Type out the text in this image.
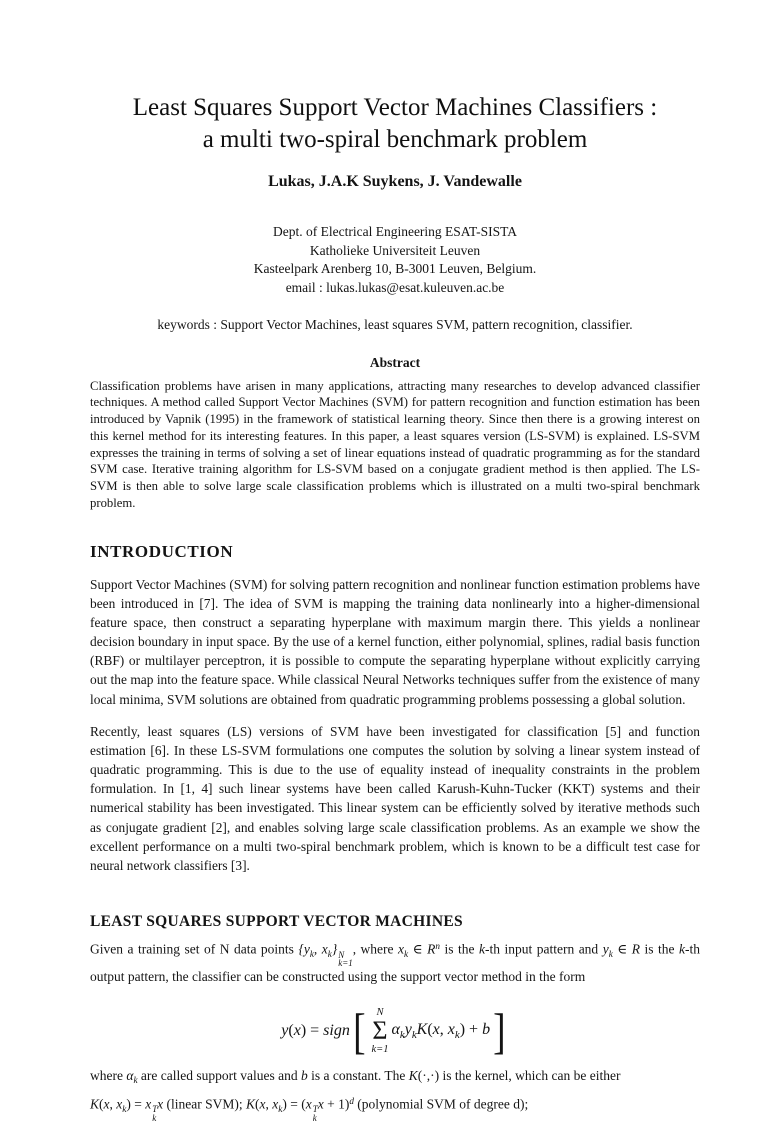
Least Squares Support Vector Machines Classifiers :
a multi two-spiral benchmark problem
Lukas, J.A.K Suykens, J. Vandewalle
Dept. of Electrical Engineering ESAT-SISTA
Katholieke Universiteit Leuven
Kasteelpark Arenberg 10, B-3001 Leuven, Belgium.
email : lukas.lukas@esat.kuleuven.ac.be
keywords : Support Vector Machines, least squares SVM, pattern recognition, classifier.
Abstract

Classification problems have arisen in many applications, attracting many researches to develop advanced classifier techniques. A method called Support Vector Machines (SVM) for pattern recognition and function estimation has been introduced by Vapnik (1995) in the framework of statistical learning theory. Since then there is a growing interest on this kernel method for its interesting features. In this paper, a least squares version (LS-SVM) is explained. LS-SVM expresses the training in terms of solving a set of linear equations instead of quadratic programming as for the standard SVM case. Iterative training algorithm for LS-SVM based on a conjugate gradient method is then applied. The LS-SVM is then able to solve large scale classification problems which is illustrated on a multi two-spiral benchmark problem.

INTRODUCTION

Support Vector Machines (SVM) for solving pattern recognition and nonlinear function estimation problems have been introduced in [7]. The idea of SVM is mapping the training data nonlinearly into a higher-dimensional feature space, then construct a separating hyperplane with maximum margin there. This yields a nonlinear decision boundary in input space. By the use of a kernel function, either polynomial, splines, radial basis function (RBF) or multilayer perceptron, it is possible to compute the separating hyperplane without explicitly carrying out the map into the feature space. While classical Neural Networks techniques suffer from the existence of many local minima, SVM solutions are obtained from quadratic programming problems possessing a global solution.

Recently, least squares (LS) versions of SVM have been investigated for classification [5] and function estimation [6]. In these LS-SVM formulations one computes the solution by solving a linear system instead of quadratic programming. This is due to the use of equality instead of inequality constraints in the problem formulation. In [1, 4] such linear systems have been called Karush-Kuhn-Tucker (KKT) systems and their numerical stability has been investigated. This linear system can be efficiently solved by iterative methods such as conjugate gradient [2], and enables solving large scale classification problems. As an example we show the excellent performance on a multi two-spiral benchmark problem, which is known to be a difficult test case for neural network classifiers [3].

LEAST SQUARES SUPPORT VECTOR MACHINES

Given a training set of N data points {$y_k$, $x_k$} N
k=1
, where $x_k$ ∈ $R^n$ is the k-th input pattern and $y_k$ ∈ R is the k-th output pattern, the classifier can be constructed using the support vector method in the form

y(x) = sign [ N
Σ
k=1
$\alpha_ky_kK(x$, $x_k) + b$ ]

where $\alpha_k$ are called support values and b is a constant. The K(·,·) is the kernel, which can be either

K(x, $x_k) = x$ T
k
x (linear SVM); K(x, $x_k) = (x$ T
k
x + 1)$^d$ (polynomial SVM of degree d);
